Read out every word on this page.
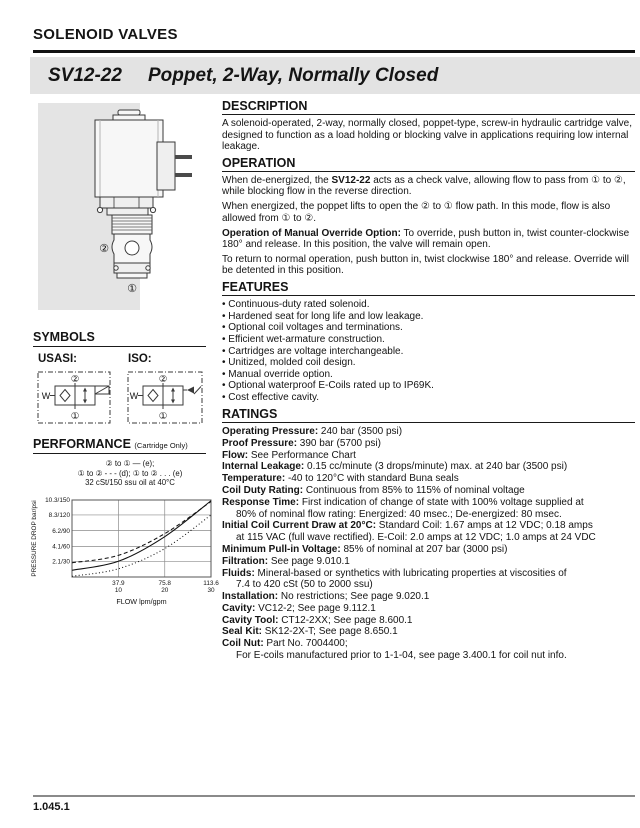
SOLENOID VALVES
SV12-22 Poppet, 2-Way, Normally Closed
②
①
SYMBOLS
USASI:	ISO:
②
W
①
②
W
①
PERFORMANCE (Cartridge Only)
② to ① — (e);
① to ② - - - (d); ① to ② . . . (e)
32 cSt/150 ssu oil at 40°C
10.3/150
8.3/120
6.2/90
4.1/60
2.1/30
37.9
10
75.8
20
113.6
30
FLOW lpm/gpm
PRESSURE DROP bar/psi
DESCRIPTION

A solenoid-operated, 2-way, normally closed, poppet-type, screw-in hydraulic cartridge valve, designed to function as a load holding or blocking valve in applications requiring low internal leakage.

OPERATION

When de-energized, the SV12-22 acts as a check valve, allowing flow to pass from ① to ②, while blocking flow in the reverse direction.

When energized, the poppet lifts to open the ② to ① flow path. In this mode, flow is also allowed from ① to ②.

Operation of Manual Override Option: To override, push button in, twist counter-clockwise 180° and release. In this position, the valve will remain open.

To return to normal operation, push button in, twist clockwise 180° and release. Override will be detented in this position.

FEATURES
• Continuous-duty rated solenoid.
• Hardened seat for long life and low leakage.
• Optional coil voltages and terminations.
• Efficient wet-armature construction.
• Cartridges are voltage interchangeable.
• Unitized, molded coil design.
• Manual override option.
• Optional waterproof E-Coils rated up to IP69K.
• Cost effective cavity.
RATINGS
Operating Pressure: 240 bar (3500 psi)
Proof Pressure: 390 bar (5700 psi)
Flow: See Performance Chart
Internal Leakage: 0.15 cc/minute (3 drops/minute) max. at 240 bar (3500 psi)
Temperature: -40 to 120°C with standard Buna seals
Coil Duty Rating: Continuous from 85% to 115% of nominal voltage
Response Time: First indication of change of state with 100% voltage supplied at
80% of nominal flow rating: Energized: 40 msec.; De-energized: 80 msec.
Initial Coil Current Draw at 20°C: Standard Coil: 1.67 amps at 12 VDC; 0.18 amps
at 115 VAC (full wave rectified). E-Coil: 2.0 amps at 12 VDC; 1.0 amps at 24 VDC
Minimum Pull-in Voltage: 85% of nominal at 207 bar (3000 psi)
Filtration: See page 9.010.1
Fluids: Mineral-based or synthetics with lubricating properties at viscosities of
7.4 to 420 cSt (50 to 2000 ssu)
Installation: No restrictions; See page 9.020.1
Cavity: VC12-2; See page 9.112.1
Cavity Tool: CT12-2XX; See page 8.600.1
Seal Kit: SK12-2X-T; See page 8.650.1
Coil Nut: Part No. 7004400;
For E-coils manufactured prior to 1-1-04, see page 3.400.1 for coil nut info.
1.045.1
